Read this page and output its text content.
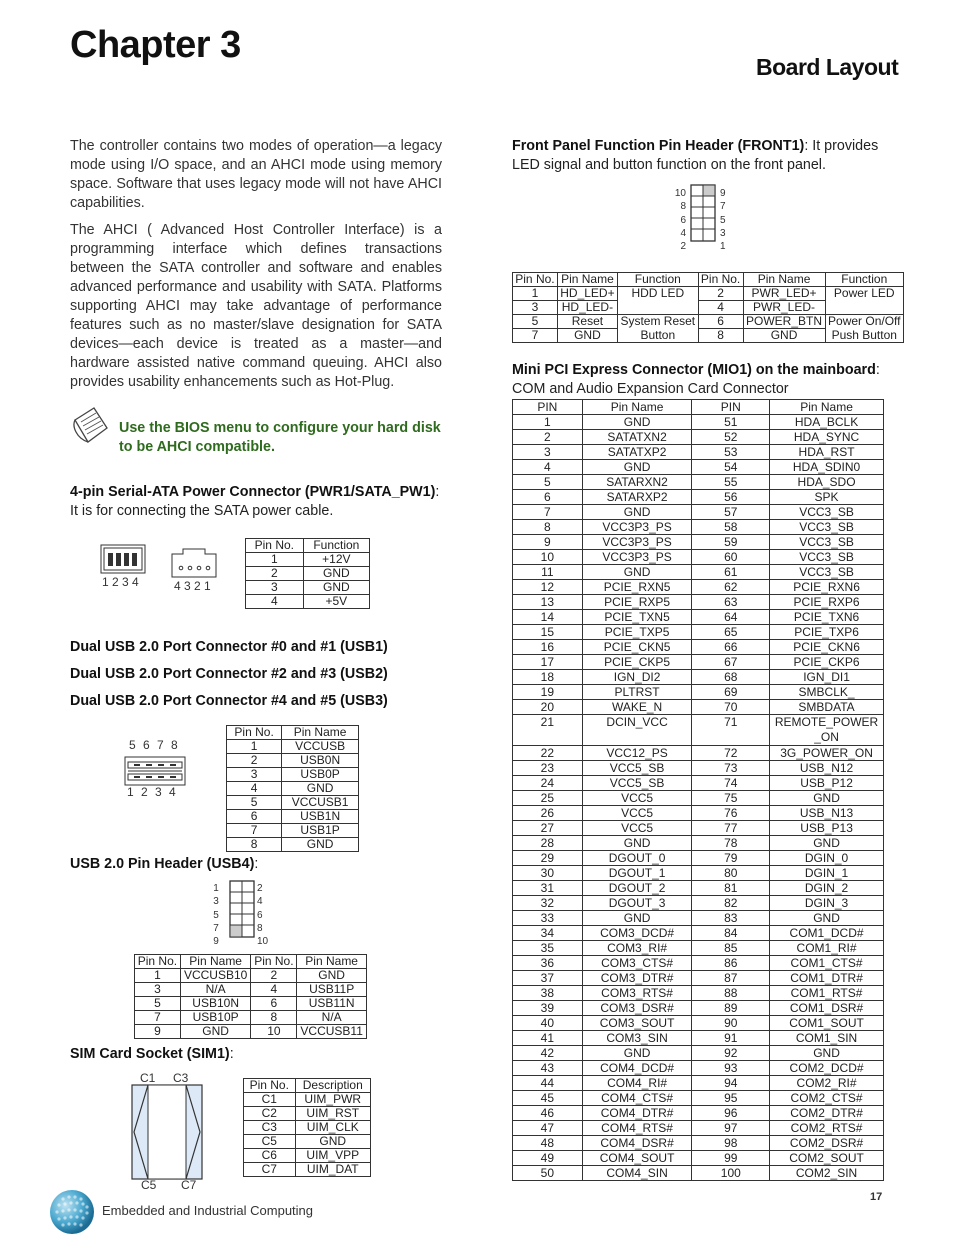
Chapter 3
Board Layout

The controller contains two modes of operation—a legacy mode using I/O space, and an AHCI mode using memory space. Software that uses legacy mode will not have AHCI capabilities.

The AHCI ( Advanced Host Controller Interface) is a programming interface which defines transactions between the SATA controller and software and enables advanced performance and usability with SATA. Platforms supporting AHCI may take advantage of performance features such as no master/slave designation for SATA devices—each device is treated as a master—and hardware assisted native command queuing. AHCI also provides usability enhancements such as Hot-Plug.

Use the BIOS menu to configure your hard disk to be AHCI compatible.

4-pin Serial-ATA Power Connector (PWR1/SATA_PW1):
It is for connecting the SATA power cable.
1 2 3 4	4 3 2 1
Pin No.	Function
1	+12V
2	GND
3	GND
4	+5V
Dual USB 2.0 Port Connector #0 and #1 (USB1)
Dual USB 2.0 Port Connector #2 and #3 (USB2)
Dual USB 2.0 Port Connector #4 and #5 (USB3)
5 6 7 8
1 2 3 4
Pin No.	Pin Name
1	VCCUSB
2	USB0N
3	USB0P
4	GND
5	VCCUSB1
6	USB1N
7	USB1P
8	GND
USB 2.0 Pin Header (USB4):
1
3
5
7
9
2
4
6
8
10
Pin No.	Pin Name	Pin No.	Pin Name
1	VCCUSB10	2	GND
3	N/A	4	USB11P
5	USB10N	6	USB11N
7	USB10P	8	N/A
9	GND	10	VCCUSB11
SIM Card Socket (SIM1):
C1 C3
C5 C7
Pin No.	Description
C1	UIM_PWR
C2	UIM_RST
C3	UIM_CLK
C5	GND
C6	UIM_VPP
C7	UIM_DAT
Front Panel Function Pin Header (FRONT1): It provides LED signal and button function on the front panel.
10
8
6
4
2
9
7
5
3
1
Pin No.	Pin Name	Function	Pin No.	Pin Name	Function
1	HD_LED+	HDD LED	2	PWR_LED+	Power LED
3	HD_LED-		4	PWR_LED-	
5	Reset	System Reset	6	POWER_BTN	Power On/Off
7	GND	Button	8	GND	Push Button
Mini PCI Express Connector (MIO1) on the mainboard:
COM and Audio Expansion Card Connector
PIN	Pin Name	PIN	Pin Name
1	GND	51	HDA_BCLK
2	SATATXN2	52	HDA_SYNC
3	SATATXP2	53	HDA_RST
4	GND	54	HDA_SDIN0
5	SATARXN2	55	HDA_SDO
6	SATARXP2	56	SPK
7	GND	57	VCC3_SB
8	VCC3P3_PS	58	VCC3_SB
9	VCC3P3_PS	59	VCC3_SB
10	VCC3P3_PS	60	VCC3_SB
11	GND	61	VCC3_SB
12	PCIE_RXN5	62	PCIE_RXN6
13	PCIE_RXP5	63	PCIE_RXP6
14	PCIE_TXN5	64	PCIE_TXN6
15	PCIE_TXP5	65	PCIE_TXP6
16	PCIE_CKN5	66	PCIE_CKN6
17	PCIE_CKP5	67	PCIE_CKP6
18	IGN_DI2	68	IGN_DI1
19	PLTRST	69	SMBCLK_
20	WAKE_N	70	SMBDATA
21	DCIN_VCC	71	REMOTE_POWER_ON
22	VCC12_PS	72	3G_POWER_ON
23	VCC5_SB	73	USB_N12
24	VCC5_SB	74	USB_P12
25	VCC5	75	GND
26	VCC5	76	USB_N13
27	VCC5	77	USB_P13
28	GND	78	GND
29	DGOUT_0	79	DGIN_0
30	DGOUT_1	80	DGIN_1
31	DGOUT_2	81	DGIN_2
32	DGOUT_3	82	DGIN_3
33	GND	83	GND
34	COM3_DCD#	84	COM1_DCD#
35	COM3_RI#	85	COM1_RI#
36	COM3_CTS#	86	COM1_CTS#
37	COM3_DTR#	87	COM1_DTR#
38	COM3_RTS#	88	COM1_RTS#
39	COM3_DSR#	89	COM1_DSR#
40	COM3_SOUT	90	COM1_SOUT
41	COM3_SIN	91	COM1_SIN
42	GND	92	GND
43	COM4_DCD#	93	COM2_DCD#
44	COM4_RI#	94	COM2_RI#
45	COM4_CTS#	95	COM2_CTS#
46	COM4_DTR#	96	COM2_DTR#
47	COM4_RTS#	97	COM2_RTS#
48	COM4_DSR#	98	COM2_DSR#
49	COM4_SOUT	99	COM2_SOUT
50	COM4_SIN	100	COM2_SIN
Embedded and Industrial Computing
17
